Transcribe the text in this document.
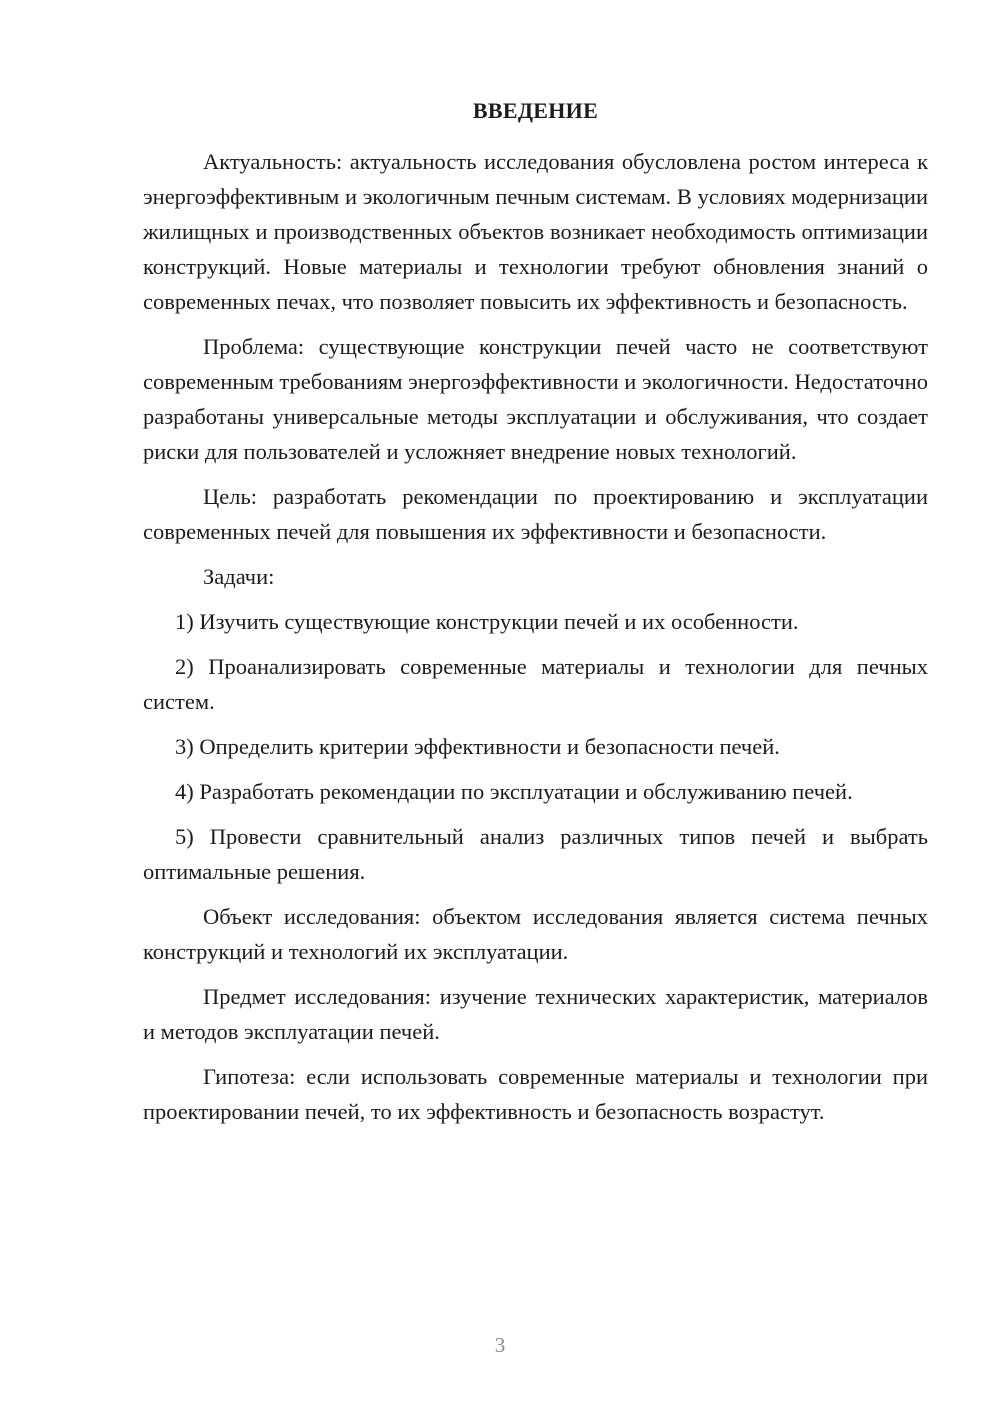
ВВЕДЕНИЕ

Актуальность: актуальность исследования обусловлена ростом интереса к энергоэффективным и экологичным печным системам. В условиях модернизации жилищных и производственных объектов возникает необходимость оптимизации конструкций. Новые материалы и технологии требуют обновления знаний о современных печах, что позволяет повысить их эффективность и безопасность.

Проблема: существующие конструкции печей часто не соответствуют современным требованиям энергоэффективности и экологичности. Недостаточно разработаны универсальные методы эксплуатации и обслуживания, что создает риски для пользователей и усложняет внедрение новых технологий.

Цель: разработать рекомендации по проектированию и эксплуатации современных печей для повышения их эффективности и безопасности.

Задачи:

1) Изучить существующие конструкции печей и их особенности.

2) Проанализировать современные материалы и технологии для печных систем.

3) Определить критерии эффективности и безопасности печей.

4) Разработать рекомендации по эксплуатации и обслуживанию печей.

5) Провести сравнительный анализ различных типов печей и выбрать оптимальные решения.

Объект исследования: объектом исследования является система печных конструкций и технологий их эксплуатации.

Предмет исследования: изучение технических характеристик, материалов и методов эксплуатации печей.

Гипотеза: если использовать современные материалы и технологии при проектировании печей, то их эффективность и безопасность возрастут.

3
